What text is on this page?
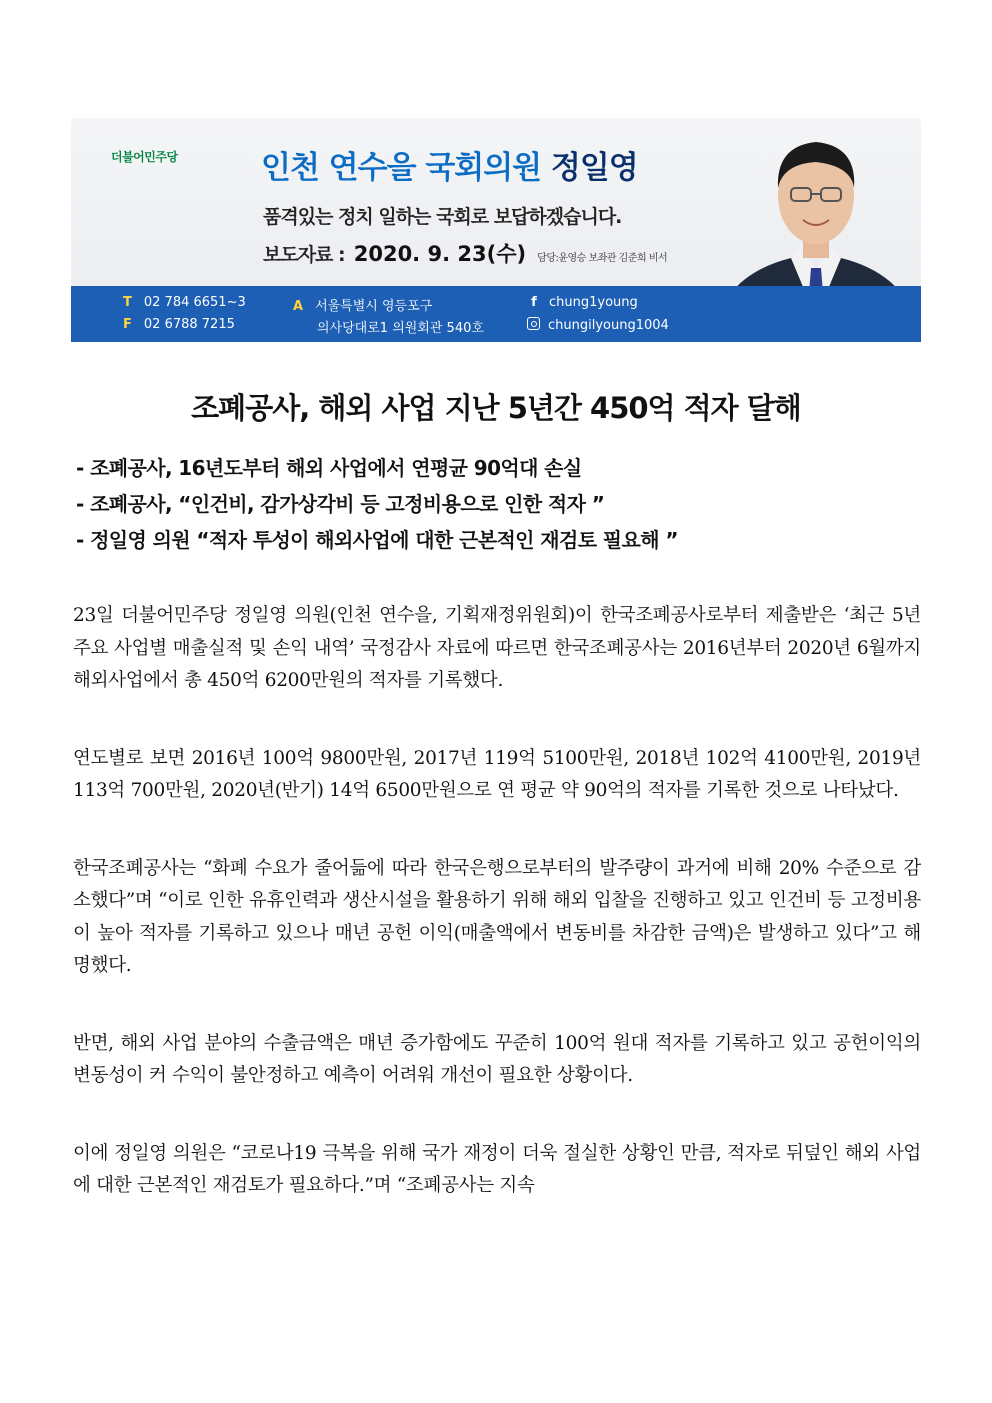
더불어민주당	인천 연수을 국회의원 정일영
품격있는 정치 일하는 국회로 보답하겠습니다.
보도자료 : 2020. 9. 23(수) 담당:윤영승 보좌관 김준희 비서
T 02 784 6651~3
F 02 6788 7215
A 서울특별시 영등포구
의사당대로1 의원회관 540호
f chung1young
chungilyoung1004
조폐공사, 해외 사업 지난 5년간 450억 적자 달해
- 조폐공사, 16년도부터 해외 사업에서 연평균 90억대 손실
- 조폐공사, “인건비, 감가상각비 등 고정비용으로 인한 적자 ”
- 정일영 의원 “적자 투성이 해외사업에 대한 근본적인 재검토 필요해 ”

23일 더불어민주당 정일영 의원(인천 연수을, 기획재정위원회)이 한국조폐공사로부터 제출받은 ‘최근 5년 주요 사업별 매출실적 및 손익 내역’ 국정감사 자료에 따르면 한국조폐공사는 2016년부터 2020년 6월까지 해외사업에서 총 450억 6200만원의 적자를 기록했다.

연도별로 보면 2016년 100억 9800만원, 2017년 119억 5100만원, 2018년 102억 4100만원, 2019년 113억 700만원, 2020년(반기) 14억 6500만원으로 연 평균 약 90억의 적자를 기록한 것으로 나타났다.

한국조폐공사는 “화폐 수요가 줄어듦에 따라 한국은행으로부터의 발주량이 과거에 비해 20% 수준으로 감소했다”며 “이로 인한 유휴인력과 생산시설을 활용하기 위해 해외 입찰을 진행하고 있고 인건비 등 고정비용이 높아 적자를 기록하고 있으나 매년 공헌 이익(매출액에서 변동비를 차감한 금액)은 발생하고 있다”고 해명했다.

반면, 해외 사업 분야의 수출금액은 매년 증가함에도 꾸준히 100억 원대 적자를 기록하고 있고 공헌이익의 변동성이 커 수익이 불안정하고 예측이 어려워 개선이 필요한 상황이다.

이에 정일영 의원은 “코로나19 극복을 위해 국가 재정이 더욱 절실한 상황인 만큼, 적자로 뒤덮인 해외 사업에 대한 근본적인 재검토가 필요하다.”며 “조폐공사는 지속
